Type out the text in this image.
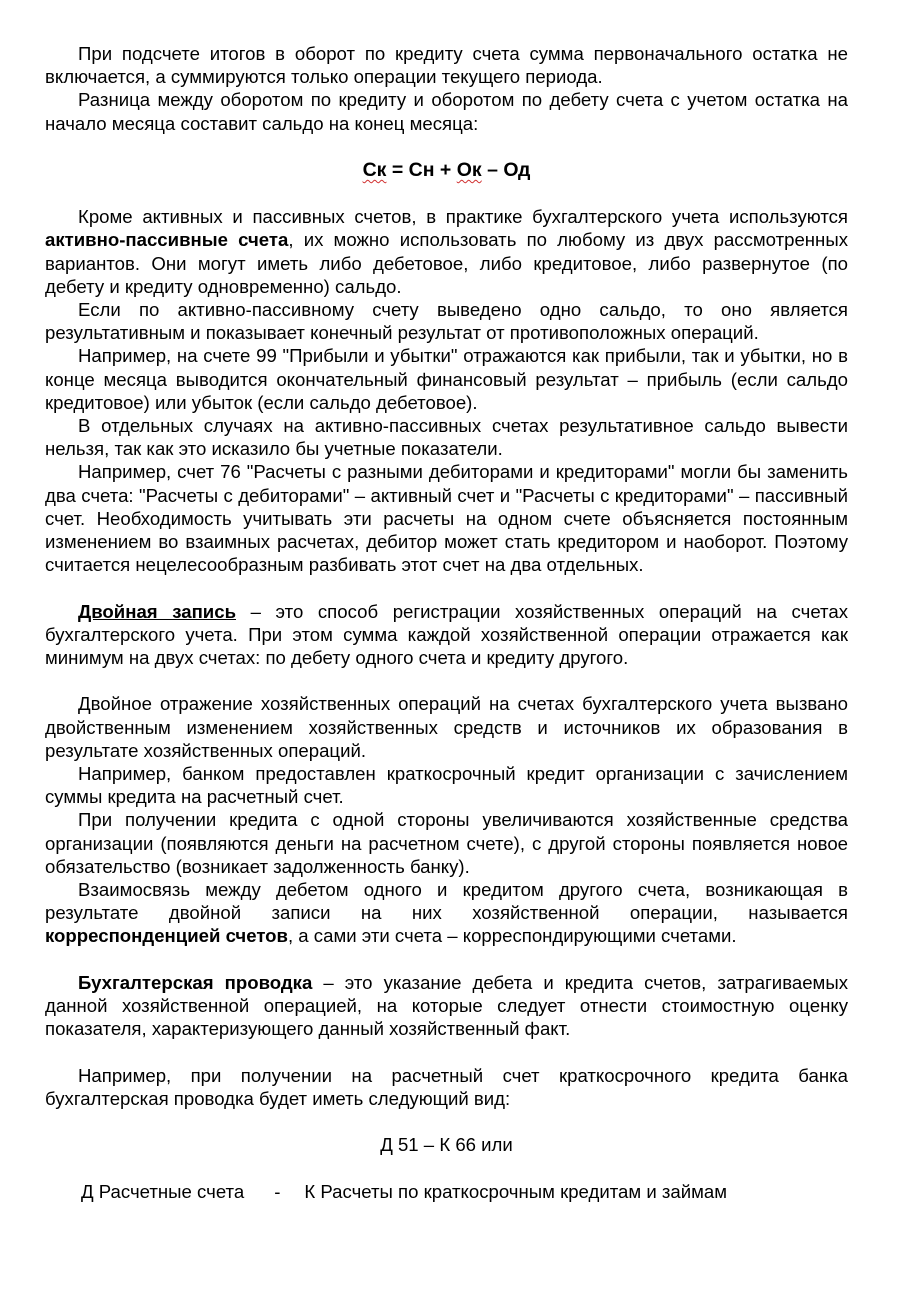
При подсчете итогов в оборот по кредиту счета сумма первоначального остатка не включается, а суммируются только операции текущего периода.

Разница между оборотом по кредиту и оборотом по дебету счета с учетом остатка на начало месяца составит сальдо на конец месяца:

Ск = Сн + Ок – Од

Кроме активных и пассивных счетов, в практике бухгалтерского учета используются активно-пассивные счета, их можно использовать по любому из двух рассмотренных вариантов. Они могут иметь либо дебетовое, либо кредитовое, либо развернутое (по дебету и кредиту одновременно) сальдо.

Если по активно-пассивному счету выведено одно сальдо, то оно является результативным и показывает конечный результат от противоположных операций.

Например, на счете 99 "Прибыли и убытки" отражаются как прибыли, так и убытки, но в конце месяца выводится окончательный финансовый результат – прибыль (если сальдо кредитовое) или убыток (если сальдо дебетовое).

В отдельных случаях на активно-пассивных счетах результативное сальдо вывести нельзя, так как это исказило бы учетные показатели.

Например, счет 76 "Расчеты с разными дебиторами и кредиторами" могли бы заменить два счета: "Расчеты с дебиторами" – активный счет и "Расчеты с кредиторами" – пассивный счет. Необходимость учитывать эти расчеты на одном счете объясняется постоянным изменением во взаимных расчетах, дебитор может стать кредитором и наоборот. Поэтому считается нецелесообразным разбивать этот счет на два отдельных.

Двойная запись – это способ регистрации хозяйственных операций на счетах бухгалтерского учета. При этом сумма каждой хозяйственной операции отражается как минимум на двух счетах: по дебету одного счета и кредиту другого.

Двойное отражение хозяйственных операций на счетах бухгалтерского учета вызвано двойственным изменением хозяйственных средств и источников их образования в результате хозяйственных операций.

Например, банком предоставлен краткосрочный кредит организации с зачислением суммы кредита на расчетный счет.

При получении кредита с одной стороны увеличиваются хозяйственные средства организации (появляются деньги на расчетном счете), с другой стороны появляется новое обязательство (возникает задолженность банку).

Взаимосвязь между дебетом одного и кредитом другого счета, возникающая в результате двойной записи на них хозяйственной операции, называется корреспонденцией счетов, а сами эти счета – корреспондирующими счетами.

Бухгалтерская проводка – это указание дебета и кредита счетов, затрагиваемых данной хозяйственной операцией, на которые следует отнести стоимостную оценку показателя, характеризующего данный хозяйственный факт.

Например, при получении на расчетный счет краткосрочного кредита банка бухгалтерская проводка будет иметь следующий вид:

Д 51 – К 66 или

Д Расчетные счета - К Расчеты по краткосрочным кредитам и займам
